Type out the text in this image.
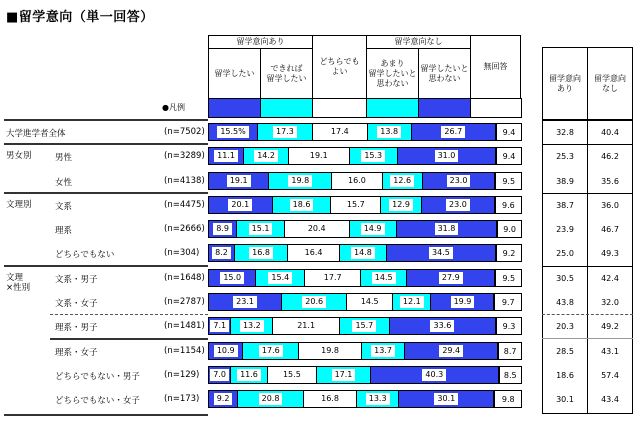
■留学意向（単一回答）
留学意向あり
どちらでも
よい
留学意向なし
無回答
留学したい
できれば
留学したい
あまり
留学したいと
思わない
留学したいと
思わない
●凡例
留学意向
あり
留学意向
なし
大学進学者全体	(n=7502)	15.5%	17.3	17.4	13.8	26.7	9.4	32.8	40.4
男女別	男性	(n=3289)	11.1	14.2	19.1	15.3	31.0	9.4	25.3	46.2
女性	(n=4138)	19.1	19.8	16.0	12.6	23.0	9.5	38.9	35.6
文理別	文系	(n=4475)	20.1	18.6	15.7	12.9	23.0	9.6	38.7	36.0
理系	(n=2666)	8.9	15.1	20.4	14.9	31.8	9.0	23.9	46.7
どちらでもない	(n=304)	8.2	16.8	16.4	14.8	34.5	9.2	25.0	49.3
文理
×性別
文系・男子	(n=1648)	15.0	15.4	17.7	14.5	27.9	9.5	30.5	42.4
文系・女子	(n=2787)	23.1	20.6	14.5	12.1	19.9	9.7	43.8	32.0
理系・男子	(n=1481)	7.1	13.2	21.1	15.7	33.6	9.3	20.3	49.2
理系・女子	(n=1154)	10.9	17.6	19.8	13.7	29.4	8.7	28.5	43.1
どちらでもない・男子	(n=129)	7.0	11.6	15.5	17.1	40.3	8.5	18.6	57.4
どちらでもない・女子	(n=173)	9.2	20.8	16.8	13.3	30.1	9.8	30.1	43.4
